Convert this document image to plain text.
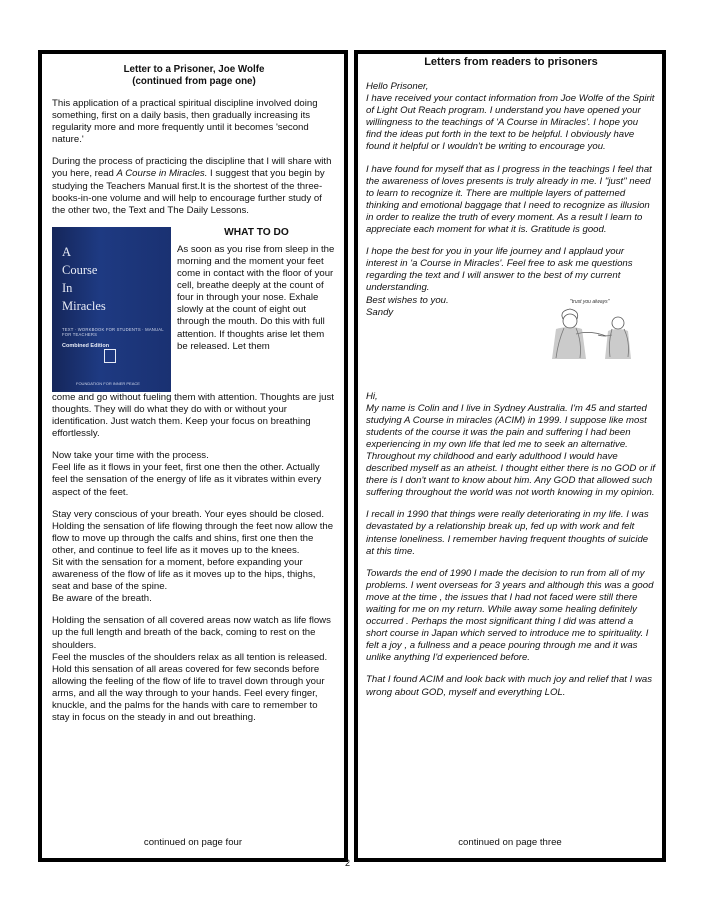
Letter to a Prisoner, Joe Wolfe
(continued from page one)

This application of a practical spiritual discipline involved doing something, first on a daily basis, then gradually increasing its regularity more and more frequently until it becomes 'second nature.'

During the process of practicing the discipline that I will share with you here, read A Course in Miracles. I suggest that you begin by studying the Teachers Manual first.It is the shortest of the three-books-in-one volume and will help to encourage further study of the other two, the Text and The Daily Lessons.

A
Course
In
Miracles
TEXT · WORKBOOK FOR STUDENTS · MANUAL FOR TEACHERS
Combined Edition
FOUNDATION FOR INNER PEACE
WHAT TO DO

As soon as you rise from sleep in the morning and the moment your feet come in contact with the floor of your cell, breathe deeply at the count of four in through your nose. Exhale slowly at the count of eight out through the mouth. Do this with full attention. If thoughts arise let them be released. Let them

come and go without fueling them with attention. Thoughts are just thoughts. They will do what they do with or without your identification. Just watch them. Keep your focus on breathing effortlessly.

Now take your time with the process.

Feel life as it flows in your feet, first one then the other. Actually feel the sensation of the energy of life as it vibrates within every aspect of the feet.

Stay very conscious of your breath. Your eyes should be closed.

Holding the sensation of life flowing through the feet now allow the flow to move up through the calfs and shins, first one then the other, and continue to feel life as it moves up to the knees.

Sit with the sensation for a moment, before expanding your awareness of the flow of life as it moves up to the hips, thighs, seat and base of the spine.

Be aware of the breath.

Holding the sensation of all covered areas now watch as life flows up the full length and breath of the back, coming to rest on the shoulders.

Feel the muscles of the shoulders relax as all tention is released.

Hold this sensation of all areas covered for few seconds before allowing the feeling of the flow of life to travel down through your arms, and all the way through to your hands. Feel every finger, knuckle, and the palms for the hands with care to remember to stay in focus on the steady in and out breathing.

continued on page four
Letters from readers to prisoners

Hello Prisoner,

I have received your contact information from Joe Wolfe of the Spirit of Light Out Reach program. I understand you have opened your willingness to the teachings of 'A Course in Miracles'. I hope you find the ideas put forth in the text to be helpful. I obviously have found it helpful or I wouldn't be writing to encourage you.

I have found for myself that as I progress in the teachings I feel that the awareness of loves presents is truly already in me. I "just" need to learn to recognize it. There are multiple layers of patterned thinking and emotional baggage that I need to recognize as illusion in order to realize the truth of every moment. As a result I learn to appreciate each moment for what it is. Gratitude is good.

I hope the best for you in your life journey and I applaud your interest in 'a Course in Miracles'. Feel free to ask me questions regarding the text and I will answer to the best of my current understanding.

Best wishes to you.

Sandy

"trust you always"

Hi,

My name is Colin and I live in Sydney Australia. I'm 45 and started studying A Course in miracles (ACIM) in 1999. I suppose like most students of the course it was the pain and suffering I had been experiencing in my own life that led me to seek an alternative.

Throughout my childhood and early adulthood I would have described myself as an atheist. I thought either there is no GOD or if there is I don't want to know about him. Any GOD that allowed such suffering throughout the world was not worth knowing in my opinion.

I recall in 1990 that things were really deteriorating in my life. I was devastated by a relationship break up, fed up with work and felt intense loneliness. I remember having frequent thoughts of suicide at this time.

Towards the end of 1990 I made the decision to run from all of my problems. I went overseas for 3 years and although this was a good move at the time , the issues that I had not faced were still there waiting for me on my return. While away some healing definitely occurred . Perhaps the most significant thing I did was attend a short course in Japan which served to introduce me to spirituality. I felt a joy , a fullness and a peace pouring through me and it was unlike anything I'd experienced before.

That I found ACIM and look back with much joy and relief that I was wrong about GOD, myself and everything LOL.

continued on page three
2
